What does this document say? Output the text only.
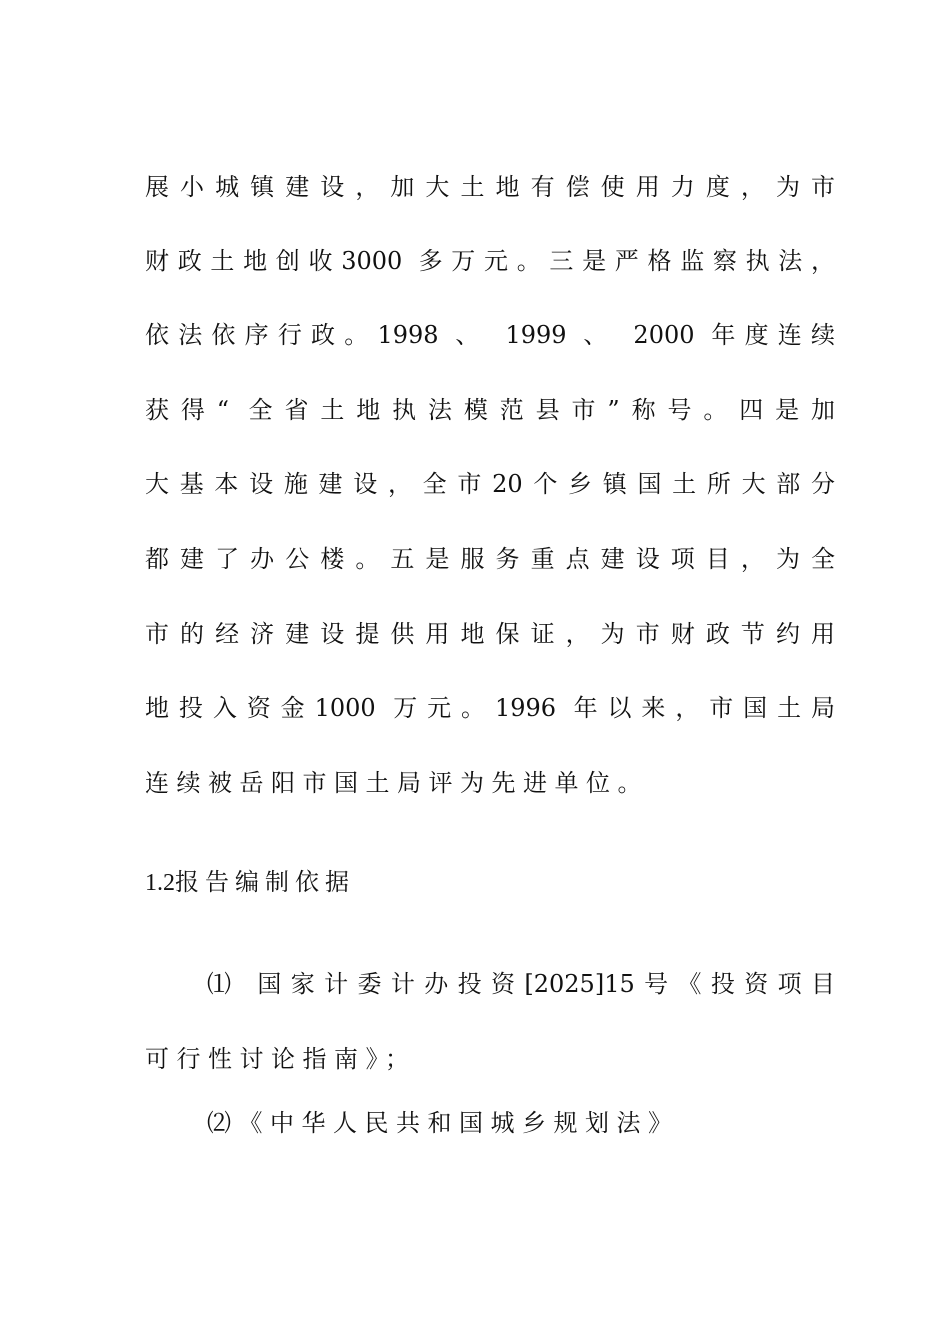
展小城镇建设，加大土地有偿使用力度，为市
财政土地创收3000 多万元。三是严格监察执法，
依法依序行政。1998 、 1999 、 2000 年度连续
获得“ 全省土地执法模范县市”称号。四是加
大基本设施建设，全市20个乡镇国土所大部分
都建了办公楼。五是服务重点建设项目，为全
市的经济建设提供用地保证，为市财政节约用
地投入资金1000 万元。1996 年以来，市国土局
连续被岳阳市国土局评为先进单位。
1.2报告编制依据
⑴ 国家计委计办投资[2025]15号《投资项目
可行性讨论指南》；
⑵《中华人民共和国城乡规划法》
